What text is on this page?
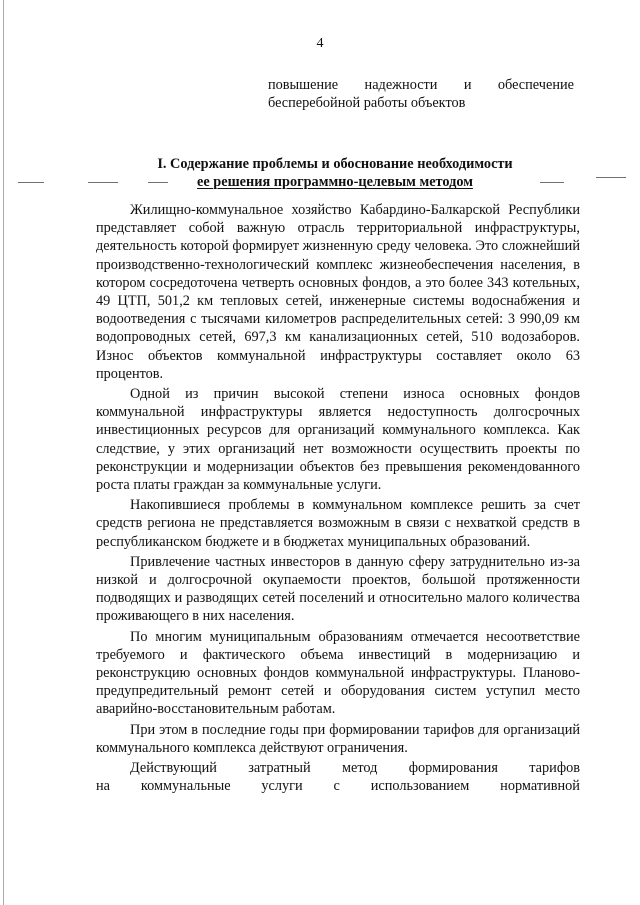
4
повышение надежности и обеспечение
бесперебойной работы объектов
I. Содержание проблемы и обоснование необходимости
ее решения программно-целевым методом

Жилищно-коммунальное хозяйство Кабардино-Балкарской Республики представляет собой важную отрасль территориальной инфраструктуры, деятельность которой формирует жизненную среду человека. Это сложнейший производственно-технологический комплекс жизнеобеспечения населения, в котором сосредоточена четверть основных фондов, а это более 343 котельных, 49 ЦТП, 501,2 км тепловых сетей, инженерные системы водоснабжения и водоотведения с тысячами километров распределительных сетей: 3 990,09 км водопроводных сетей, 697,3 км канализационных сетей, 510 водозаборов. Износ объектов коммунальной инфраструктуры составляет около 63 процентов.

Одной из причин высокой степени износа основных фондов коммунальной инфраструктуры является недоступность долгосрочных инвестиционных ресурсов для организаций коммунального комплекса. Как следствие, у этих организаций нет возможности осуществить проекты по реконструкции и модернизации объектов без превышения рекомендованного роста платы граждан за коммунальные услуги.

Накопившиеся проблемы в коммунальном комплексе решить за счет средств региона не представляется возможным в связи с нехваткой средств в республиканском бюджете и в бюджетах муниципальных образований.

Привлечение частных инвесторов в данную сферу затруднительно из-за низкой и долгосрочной окупаемости проектов, большой протяженности подводящих и разводящих сетей поселений и относительно малого количества проживающего в них населения.

По многим муниципальным образованиям отмечается несоответствие требуемого и фактического объема инвестиций в модернизацию и реконструкцию основных фондов коммунальной инфраструктуры. Планово-предупредительный ремонт сетей и оборудования систем уступил место аварийно-восстановительным работам.

При этом в последние годы при формировании тарифов для организаций коммунального комплекса действуют ограничения.

Действующий затратный метод формирования тарифов

на коммунальные услуги с использованием нормативной
